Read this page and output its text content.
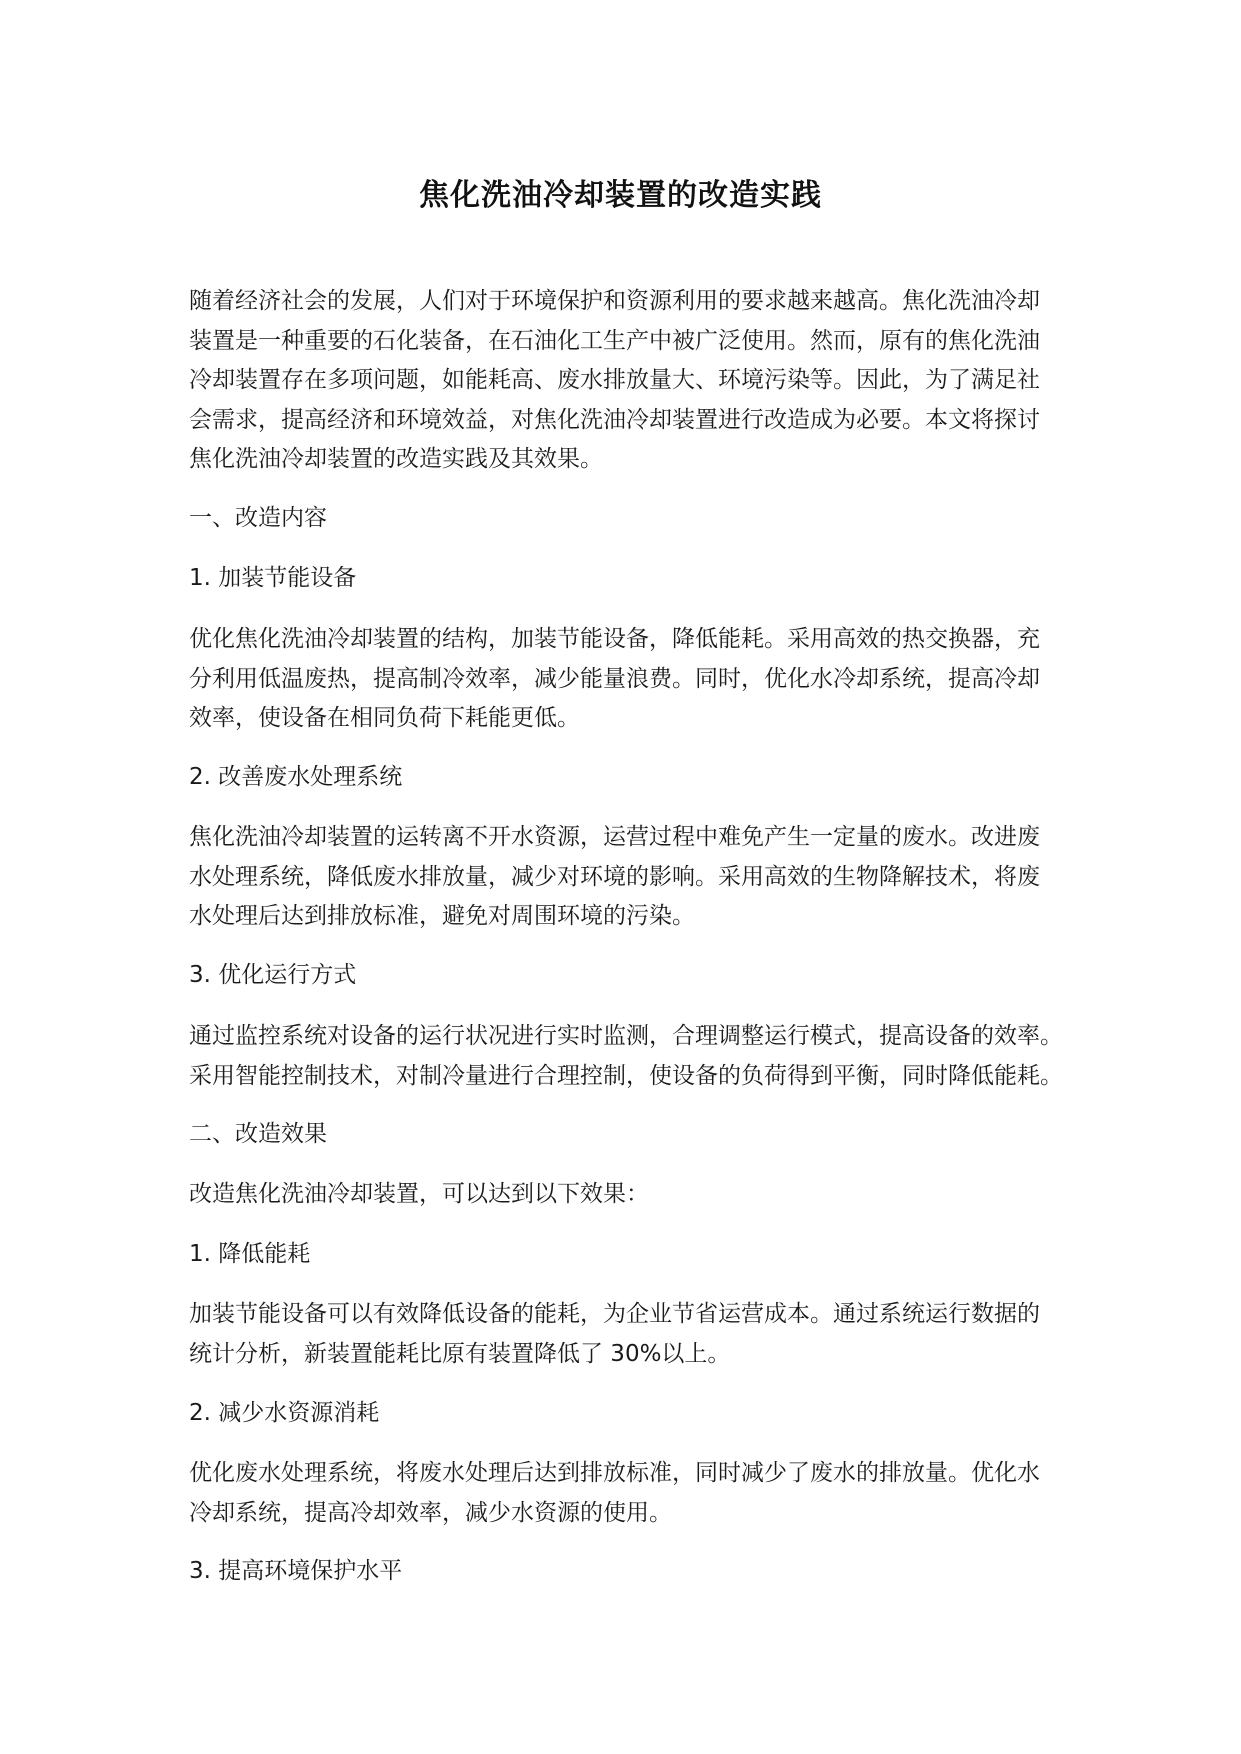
焦化洗油冷却装置的改造实践
随着经济社会的发展，人们对于环境保护和资源利用的要求越来越高。焦化洗油冷却
装置是一种重要的石化装备，在石油化工生产中被广泛使用。然而，原有的焦化洗油
冷却装置存在多项问题，如能耗高、废水排放量大、环境污染等。因此，为了满足社
会需求，提高经济和环境效益，对焦化洗油冷却装置进行改造成为必要。本文将探讨
焦化洗油冷却装置的改造实践及其效果。
一、改造内容
1. 加装节能设备
优化焦化洗油冷却装置的结构，加装节能设备，降低能耗。采用高效的热交换器，充
分利用低温废热，提高制冷效率，减少能量浪费。同时，优化水冷却系统，提高冷却
效率，使设备在相同负荷下耗能更低。
2. 改善废水处理系统
焦化洗油冷却装置的运转离不开水资源，运营过程中难免产生一定量的废水。改进废
水处理系统，降低废水排放量，减少对环境的影响。采用高效的生物降解技术，将废
水处理后达到排放标准，避免对周围环境的污染。
3. 优化运行方式
通过监控系统对设备的运行状况进行实时监测，合理调整运行模式，提高设备的效率。
采用智能控制技术，对制冷量进行合理控制，使设备的负荷得到平衡，同时降低能耗。
二、改造效果
改造焦化洗油冷却装置，可以达到以下效果：
1. 降低能耗
加装节能设备可以有效降低设备的能耗，为企业节省运营成本。通过系统运行数据的
统计分析，新装置能耗比原有装置降低了 30%以上。
2. 减少水资源消耗
优化废水处理系统，将废水处理后达到排放标准，同时减少了废水的排放量。优化水
冷却系统，提高冷却效率，减少水资源的使用。
3. 提高环境保护水平
